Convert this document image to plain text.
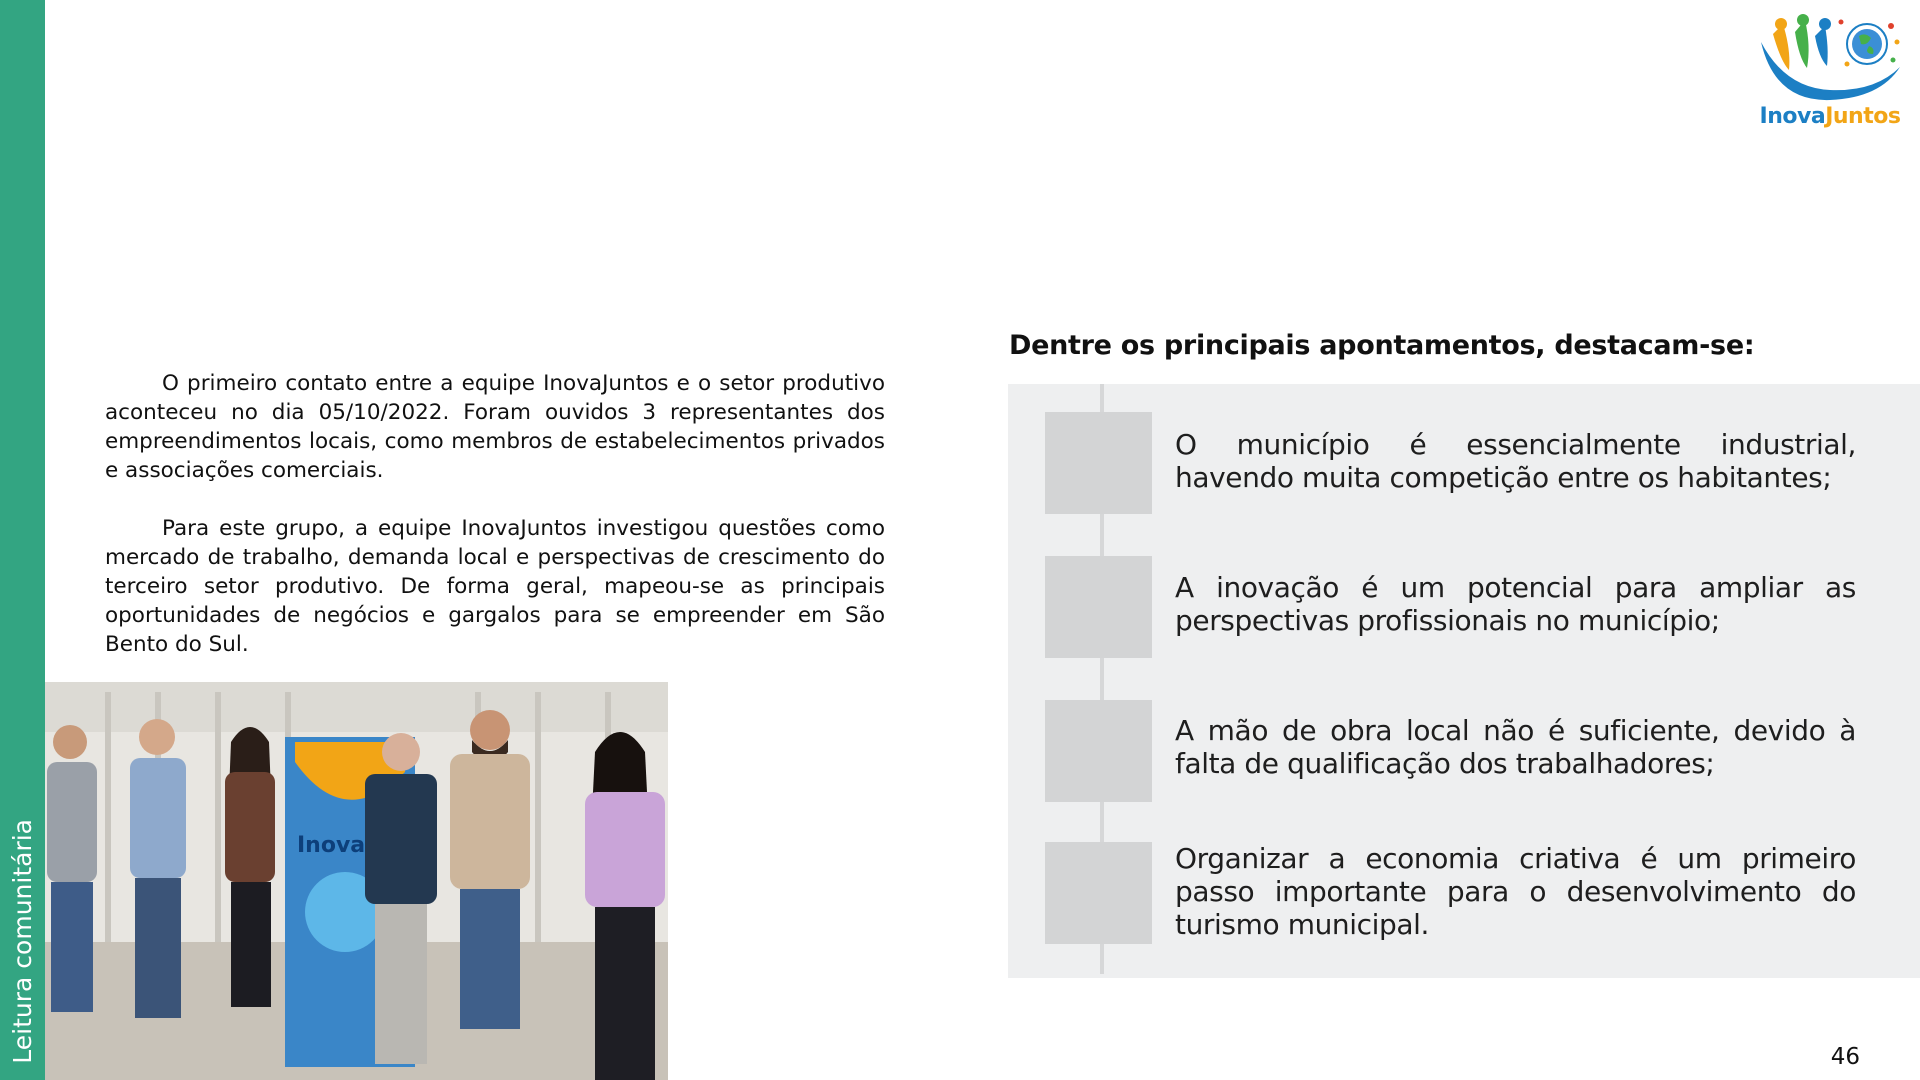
Leitura comunitária
InovaJuntos

O primeiro contato entre a equipe InovaJuntos e o setor produtivo aconteceu no dia 05/10/2022. Foram ouvidos 3 representantes dos empreendimentos locais, como membros de estabelecimentos privados e associações comerciais.

Para este grupo, a equipe InovaJuntos investigou questões como mercado de trabalho, demanda local e perspectivas de crescimento do terceiro setor produtivo. De forma geral, mapeou-se as principais oportunidades de negócios e gargalos para se empreender em São Bento do Sul.

Inova
Dentre os principais apontamentos, destacam-se:

O município é essencialmente industrial, havendo muita competição entre os habitantes;

A inovação é um potencial para ampliar as perspectivas profissionais no município;

A mão de obra local não é suficiente, devido à falta de qualificação dos trabalhadores;

Organizar a economia criativa é um primeiro passo importante para o desenvolvimento do turismo municipal.

46
